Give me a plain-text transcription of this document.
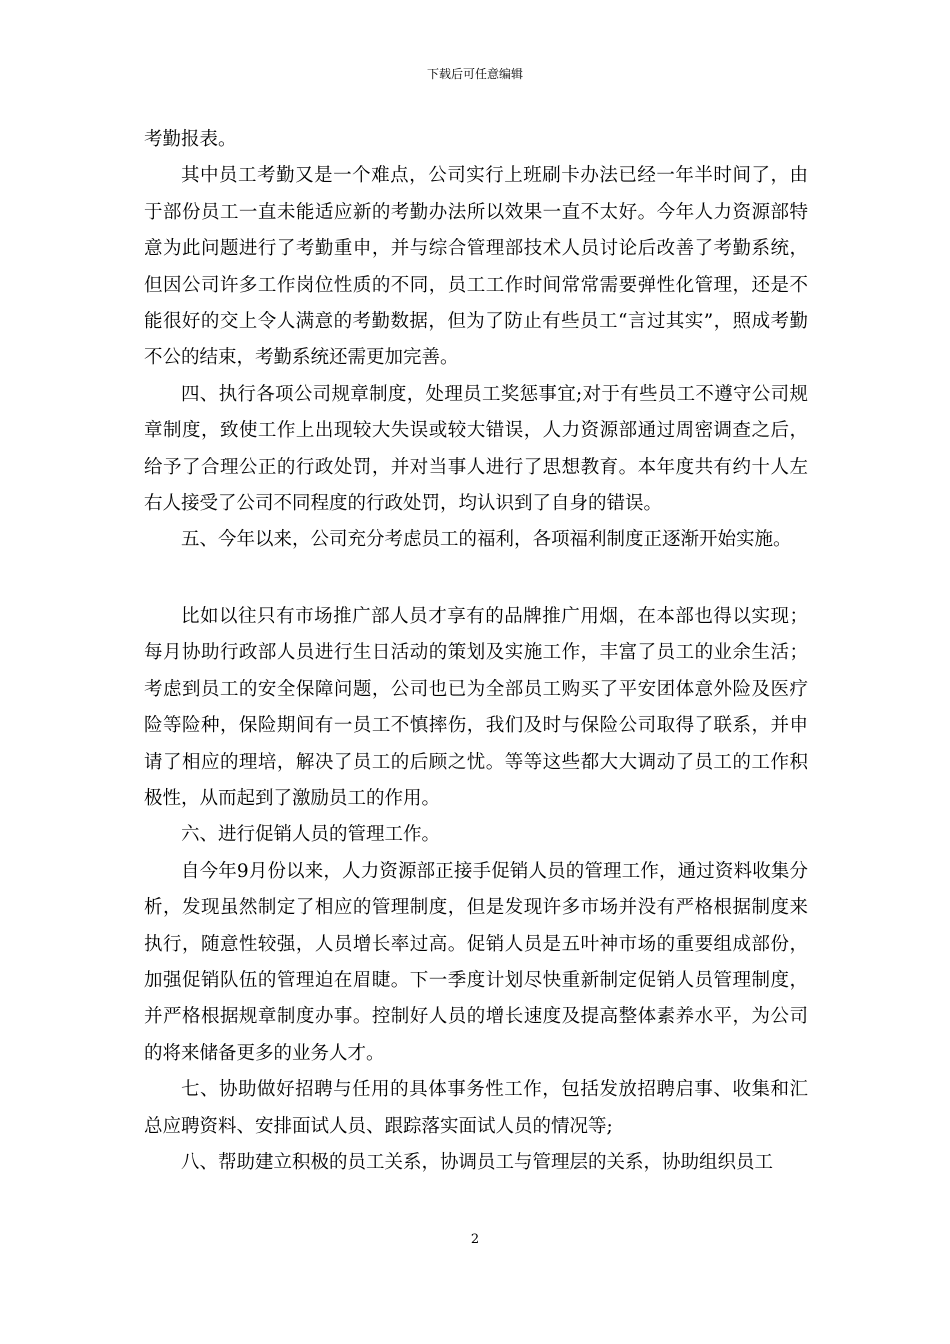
下载后可任意编辑

考勤报表。

其中员工考勤又是一个难点，公司实行上班刷卡办法已经一年半时间了，由于部份员工一直未能适应新的考勤办法所以效果一直不太好。今年人力资源部特意为此问题进行了考勤重申，并与综合管理部技术人员讨论后改善了考勤系统，但因公司许多工作岗位性质的不同，员工工作时间常常需要弹性化管理，还是不能很好的交上令人满意的考勤数据，但为了防止有些员工“言过其实”，照成考勤不公的结束，考勤系统还需更加完善。

四、执行各项公司规章制度，处理员工奖惩事宜;对于有些员工不遵守公司规章制度，致使工作上出现较大失误或较大错误，人力资源部通过周密调查之后，给予了合理公正的行政处罚，并对当事人进行了思想教育。本年度共有约十人左右人接受了公司不同程度的行政处罚，均认识到了自身的错误。

五、今年以来，公司充分考虑员工的福利，各项福利制度正逐渐开始实施。

比如以往只有市场推广部人员才享有的品牌推广用烟，在本部也得以实现；每月协助行政部人员进行生日活动的策划及实施工作，丰富了员工的业余生活；考虑到员工的安全保障问题，公司也已为全部员工购买了平安团体意外险及医疗险等险种，保险期间有一员工不慎摔伤，我们及时与保险公司取得了联系，并申请了相应的理培，解决了员工的后顾之忧。等等这些都大大调动了员工的工作积极性，从而起到了激励员工的作用。

六、进行促销人员的管理工作。

自今年9月份以来，人力资源部正接手促销人员的管理工作，通过资料收集分析，发现虽然制定了相应的管理制度，但是发现许多市场并没有严格根据制度来执行，随意性较强，人员增长率过高。促销人员是五叶神市场的重要组成部份，加强促销队伍的管理迫在眉睫。下一季度计划尽快重新制定促销人员管理制度，并严格根据规章制度办事。控制好人员的增长速度及提高整体素养水平，为公司的将来储备更多的业务人才。

七、协助做好招聘与任用的具体事务性工作，包括发放招聘启事、收集和汇总应聘资料、安排面试人员、跟踪落实面试人员的情况等;

八、帮助建立积极的员工关系，协调员工与管理层的关系，协助组织员工

2
